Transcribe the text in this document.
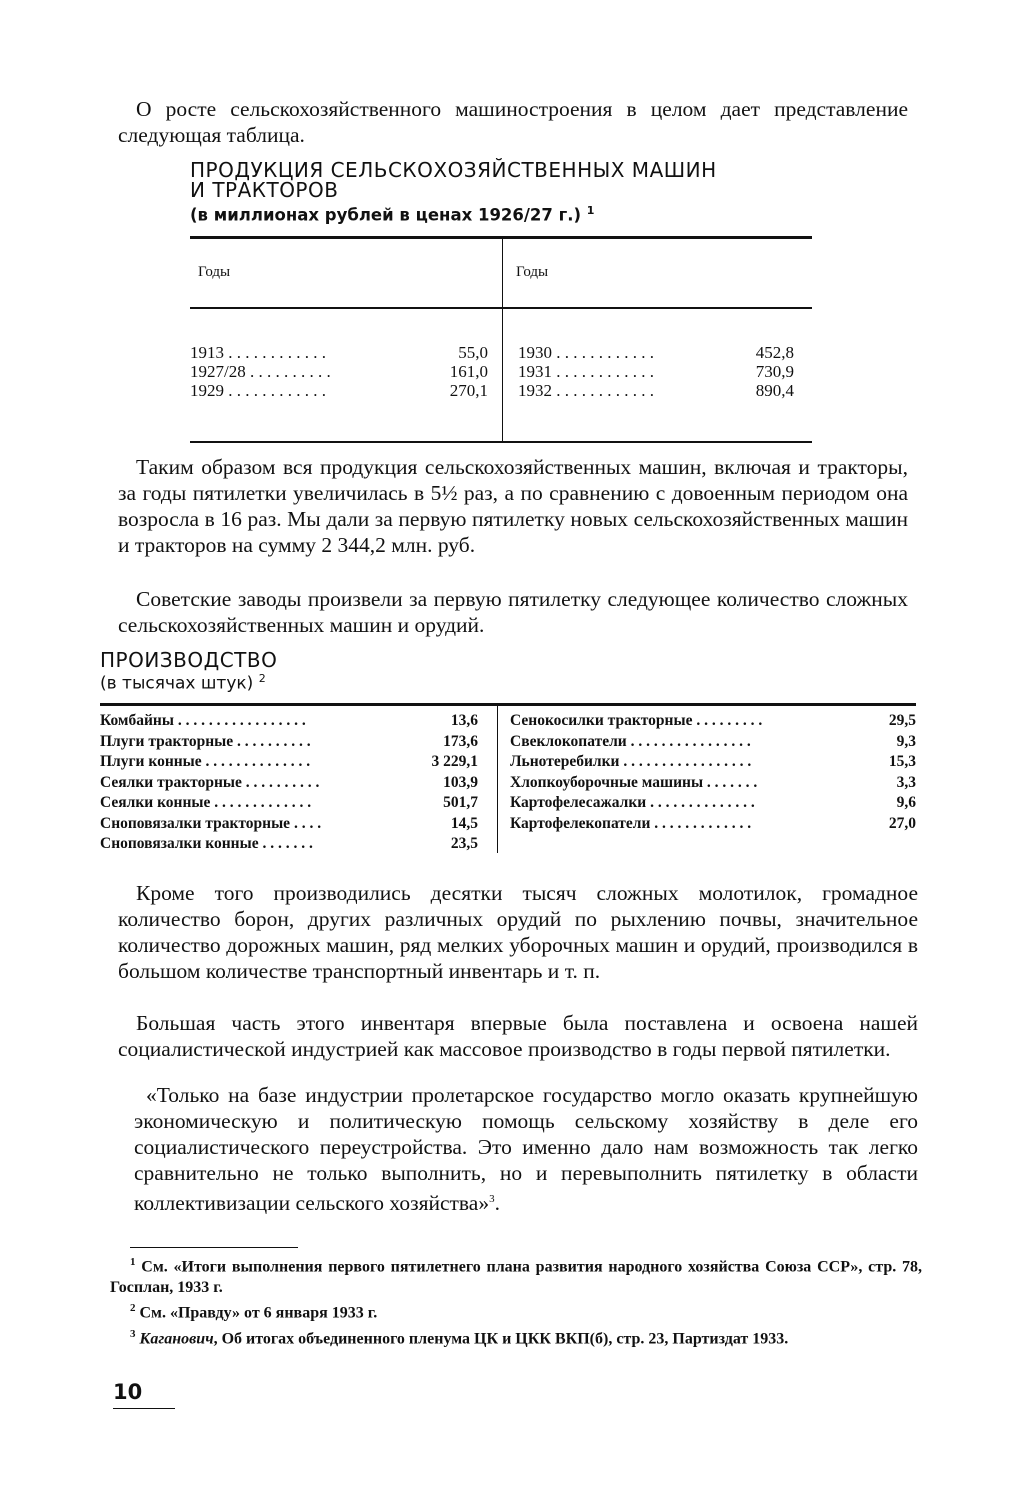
О росте сельскохозяйственного машиностроения в целом дает представление следующая таблица.

ПРОДУКЦИЯ СЕЛЬСКОХОЗЯЙСТВЕННЫХ МАШИН
И ТРАКТОРОВ

(в миллионах рублей в ценах 1926/27 г.) $^1$

Годы	Годы
1913 . . . . . . . . . . . .	55,0
1927/28 . . . . . . . . . .	161,0
1929 . . . . . . . . . . . .	270,1
1930 . . . . . . . . . . . .	452,8
1931 . . . . . . . . . . . .	730,9
1932 . . . . . . . . . . . .	890,4

Таким образом вся продукция сельскохозяйственных машин, включая и тракторы, за годы пятилетки увеличилась в 5½ раз, а по сравнению с довоенным периодом она возросла в 16 раз. Мы дали за первую пятилетку новых сельскохозяйственных машин и тракторов на сумму 2 344,2 млн. руб.

Советские заводы произвели за первую пятилетку следующее количество сложных сельскохозяйственных машин и орудий.

ПРОИЗВОДСТВО

(в тысячах штук) $^2$

Комбайны . . . . . . . . . . . . . . . . .	13,6
Плуги тракторные . . . . . . . . . .	173,6
Плуги конные . . . . . . . . . . . . . .	3 229,1
Сеялки тракторные . . . . . . . . . .	103,9
Сеялки конные . . . . . . . . . . . . .	501,7
Сноповязалки тракторные . . . .	14,5
Сноповязалки конные . . . . . . .	23,5
Сенокосилки тракторные . . . . . . . . .	29,5
Свеклокопатели . . . . . . . . . . . . . . . .	9,3
Льнотеребилки . . . . . . . . . . . . . . . . .	15,3
Хлопкоуборочные машины . . . . . . .	3,3
Картофелесажалки . . . . . . . . . . . . . .	9,6
Картофелекопатели . . . . . . . . . . . . .	27,0

Кроме того производились десятки тысяч сложных молотилок, громадное количество борон, других различных орудий по рыхлению почвы, значительное количество дорожных машин, ряд мелких уборочных машин и орудий, производился в большом количестве транспортный инвентарь и т. п.

Большая часть этого инвентаря впервые была поставлена и освоена нашей социалистической индустрией как массовое производство в годы первой пятилетки.

«Только на базе индустрии пролетарское государство могло оказать крупнейшую экономическую и политическую помощь сельскому хозяйству в деле его социалистического переустройства. Это именно дало нам возможность так легко сравнительно не только выполнить, но и перевыполнить пятилетку в области коллективизации сельского хозяйства»$^3$.

$^1$ См. «Итоги выполнения первого пятилетнего плана развития народного хозяйства Союза ССР», стр. 78, Госплан, 1933 г.

$^2$ См. «Правду» от 6 января 1933 г.

$^3$ Каганович, Об итогах объединенного пленума ЦК и ЦКК ВКП(б), стр. 23, Партиздат 1933.

10
